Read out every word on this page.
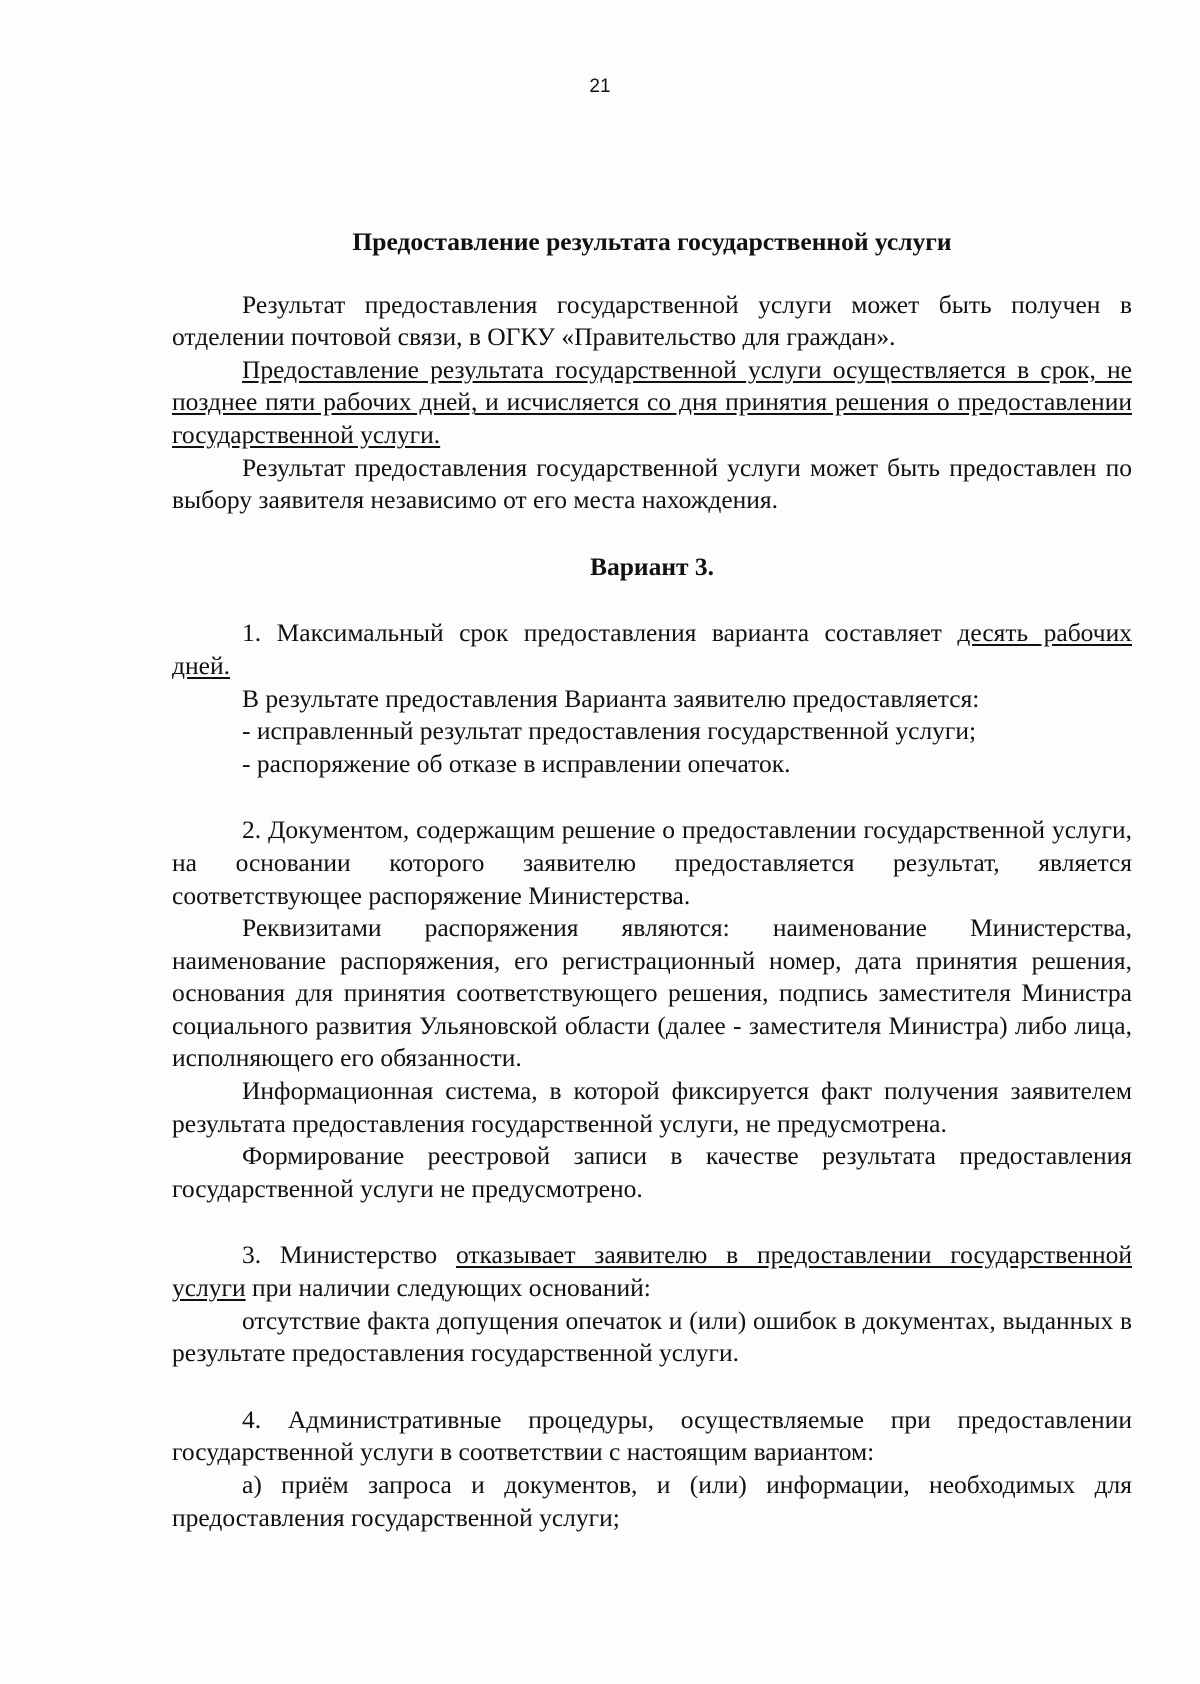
21

Предоставление результата государственной услуги

Результат предоставления государственной услуги может быть получен в отделении почтовой связи, в ОГКУ «Правительство для граждан».

Предоставление результата государственной услуги осуществляется в срок, не позднее пяти рабочих дней, и исчисляется со дня принятия решения о предоставлении государственной услуги.

Результат предоставления государственной услуги может быть предоставлен по выбору заявителя независимо от его места нахождения.

Вариант 3.

1. Максимальный срок предоставления варианта составляет десять рабочих дней.

В результате предоставления Варианта заявителю предоставляется:

- исправленный результат предоставления государственной услуги;

- распоряжение об отказе в исправлении опечаток.

2. Документом, содержащим решение о предоставлении государственной услуги, на основании которого заявителю предоставляется результат, является соответствующее распоряжение Министерства.

Реквизитами распоряжения являются: наименование Министерства, наименование распоряжения, его регистрационный номер, дата принятия решения, основания для принятия соответствующего решения, подпись заместителя Министра социального развития Ульяновской области (далее - заместителя Министра) либо лица, исполняющего его обязанности.

Информационная система, в которой фиксируется факт получения заявителем результата предоставления государственной услуги, не предусмотрена.

Формирование реестровой записи в качестве результата предоставления государственной услуги не предусмотрено.

3. Министерство отказывает заявителю в предоставлении государственной услуги при наличии следующих оснований:

отсутствие факта допущения опечаток и (или) ошибок в документах, выданных в результате предоставления государственной услуги.

4. Административные процедуры, осуществляемые при предоставлении государственной услуги в соответствии с настоящим вариантом:

а) приём запроса и документов, и (или) информации, необходимых для предоставления государственной услуги;
